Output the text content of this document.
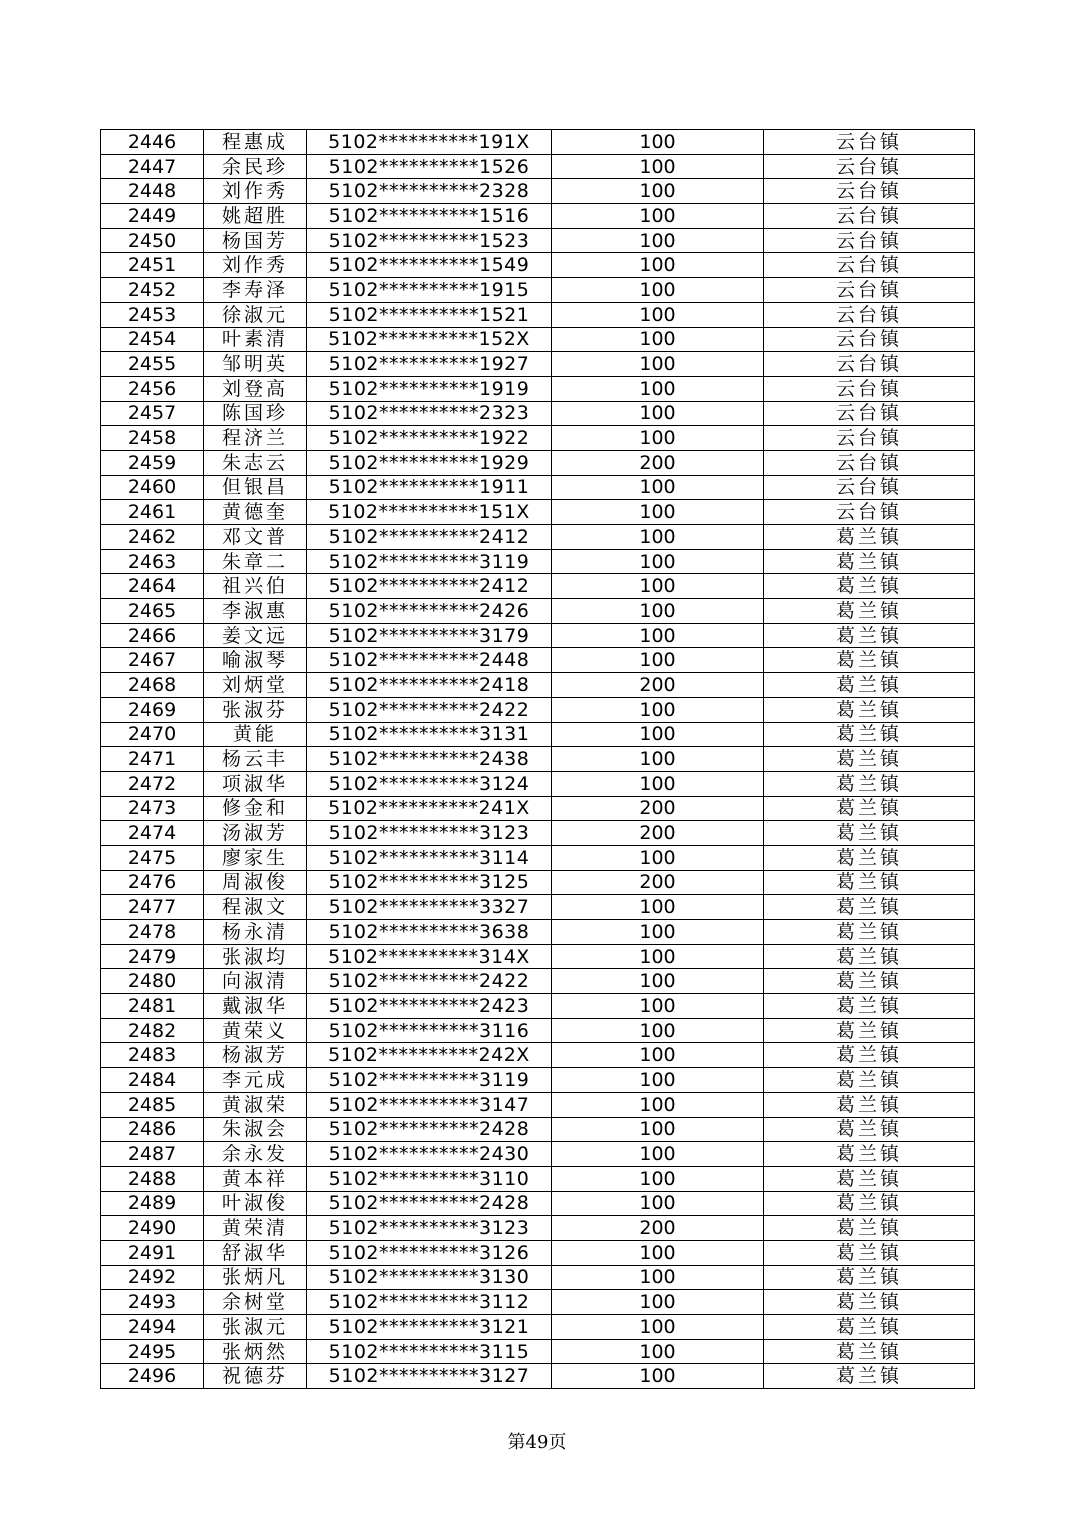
2446	程惠成	5102**********191X	100	云台镇
2447	余民珍	5102**********1526	100	云台镇
2448	刘作秀	5102**********2328	100	云台镇
2449	姚超胜	5102**********1516	100	云台镇
2450	杨国芳	5102**********1523	100	云台镇
2451	刘作秀	5102**********1549	100	云台镇
2452	李寿泽	5102**********1915	100	云台镇
2453	徐淑元	5102**********1521	100	云台镇
2454	叶素清	5102**********152X	100	云台镇
2455	邹明英	5102**********1927	100	云台镇
2456	刘登高	5102**********1919	100	云台镇
2457	陈国珍	5102**********2323	100	云台镇
2458	程济兰	5102**********1922	100	云台镇
2459	朱志云	5102**********1929	200	云台镇
2460	但银昌	5102**********1911	100	云台镇
2461	黄德奎	5102**********151X	100	云台镇
2462	邓文普	5102**********2412	100	葛兰镇
2463	朱章二	5102**********3119	100	葛兰镇
2464	祖兴伯	5102**********2412	100	葛兰镇
2465	李淑惠	5102**********2426	100	葛兰镇
2466	姜文远	5102**********3179	100	葛兰镇
2467	喻淑琴	5102**********2448	100	葛兰镇
2468	刘炳堂	5102**********2418	200	葛兰镇
2469	张淑芬	5102**********2422	100	葛兰镇
2470	黄能	5102**********3131	100	葛兰镇
2471	杨云丰	5102**********2438	100	葛兰镇
2472	项淑华	5102**********3124	100	葛兰镇
2473	修金和	5102**********241X	200	葛兰镇
2474	汤淑芳	5102**********3123	200	葛兰镇
2475	廖家生	5102**********3114	100	葛兰镇
2476	周淑俊	5102**********3125	200	葛兰镇
2477	程淑文	5102**********3327	100	葛兰镇
2478	杨永清	5102**********3638	100	葛兰镇
2479	张淑均	5102**********314X	100	葛兰镇
2480	向淑清	5102**********2422	100	葛兰镇
2481	戴淑华	5102**********2423	100	葛兰镇
2482	黄荣义	5102**********3116	100	葛兰镇
2483	杨淑芳	5102**********242X	100	葛兰镇
2484	李元成	5102**********3119	100	葛兰镇
2485	黄淑荣	5102**********3147	100	葛兰镇
2486	朱淑会	5102**********2428	100	葛兰镇
2487	余永发	5102**********2430	100	葛兰镇
2488	黄本祥	5102**********3110	100	葛兰镇
2489	叶淑俊	5102**********2428	100	葛兰镇
2490	黄荣清	5102**********3123	200	葛兰镇
2491	舒淑华	5102**********3126	100	葛兰镇
2492	张炳凡	5102**********3130	100	葛兰镇
2493	余树堂	5102**********3112	100	葛兰镇
2494	张淑元	5102**********3121	100	葛兰镇
2495	张炳然	5102**********3115	100	葛兰镇
2496	祝德芬	5102**********3127	100	葛兰镇
第49页
